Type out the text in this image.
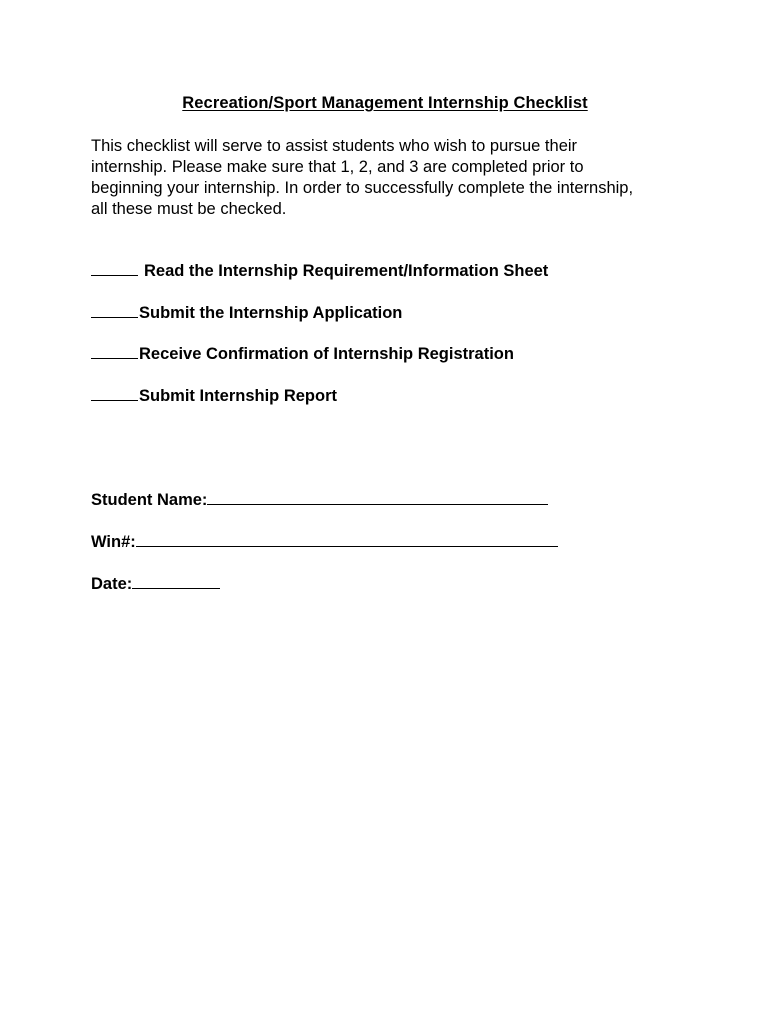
Recreation/Sport Management Internship Checklist
This checklist will serve to assist students who wish to pursue their
internship. Please make sure that 1, 2, and 3 are completed prior to
beginning your internship. In order to successfully complete the internship,
all these must be checked.
Read the Internship Requirement/Information Sheet
Submit the Internship Application
Receive Confirmation of Internship Registration
Submit Internship Report
Student Name:
Win#:
Date:
